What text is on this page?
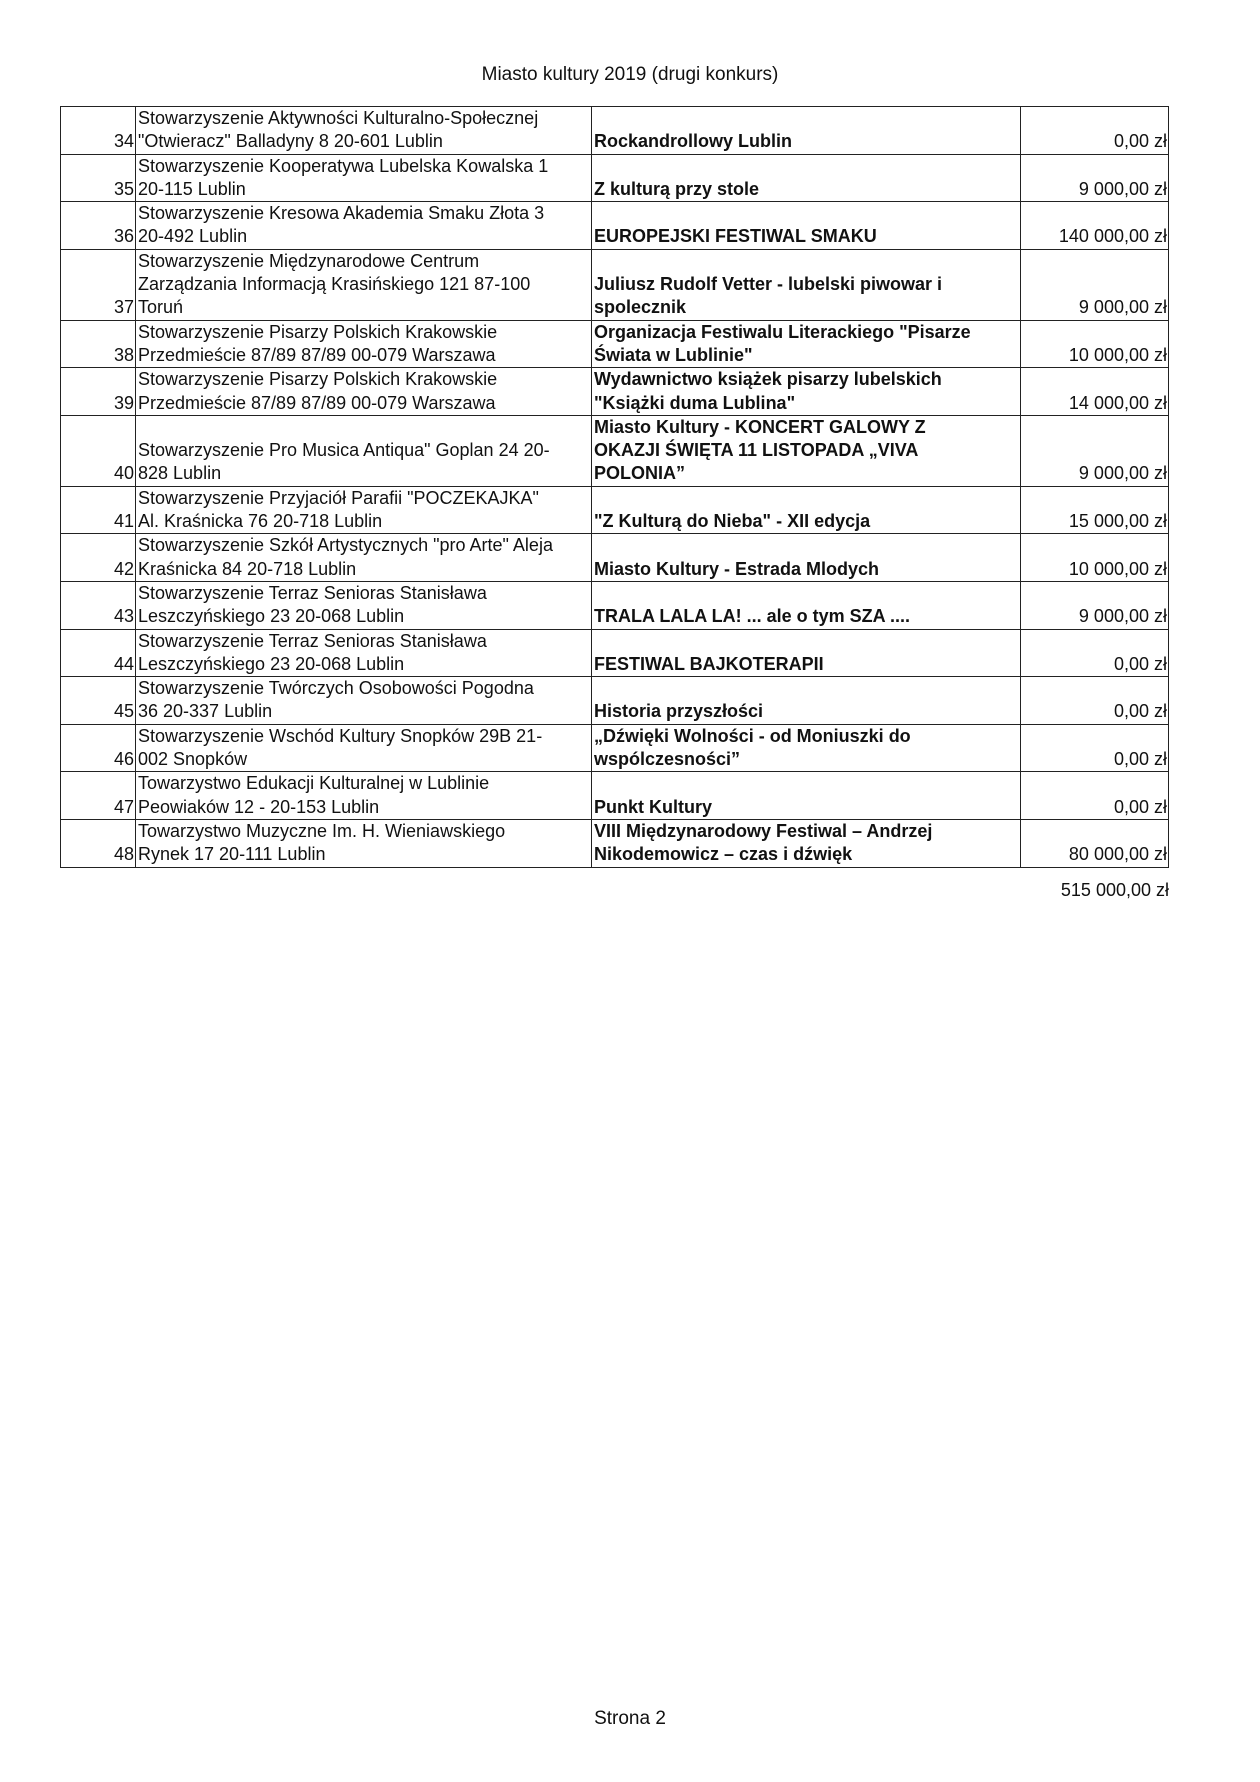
Miasto kultury 2019 (drugi konkurs)
34	Stowarzyszenie Aktywności Kulturalno-Społecznej
"Otwieracz" Balladyny 8 20-601 Lublin	Rockandrollowy Lublin	0,00 zł
35	Stowarzyszenie Kooperatywa Lubelska Kowalska 1
20-115 Lublin	Z kulturą przy stole	9 000,00 zł
36	Stowarzyszenie Kresowa Akademia Smaku Złota 3
20-492 Lublin	EUROPEJSKI FESTIWAL SMAKU	140 000,00 zł
37	Stowarzyszenie Międzynarodowe Centrum
Zarządzania Informacją Krasińskiego 121 87-100
Toruń	Juliusz Rudolf Vetter - lubelski piwowar i
spolecznik	9 000,00 zł
38	Stowarzyszenie Pisarzy Polskich Krakowskie
Przedmieście 87/89 87/89 00-079 Warszawa	Organizacja Festiwalu Literackiego "Pisarze
Świata w Lublinie"	10 000,00 zł
39	Stowarzyszenie Pisarzy Polskich Krakowskie
Przedmieście 87/89 87/89 00-079 Warszawa	Wydawnictwo książek pisarzy lubelskich
"Książki duma Lublina"	14 000,00 zł
40	Stowarzyszenie Pro Musica Antiqua" Goplan 24 20-
828 Lublin	Miasto Kultury - KONCERT GALOWY Z
OKAZJI ŚWIĘTA 11 LISTOPADA „VIVA
POLONIA”	9 000,00 zł
41	Stowarzyszenie Przyjaciół Parafii "POCZEKAJKA"
Al. Kraśnicka 76 20-718 Lublin	"Z Kulturą do Nieba" - XII edycja	15 000,00 zł
42	Stowarzyszenie Szkół Artystycznych "pro Arte" Aleja
Kraśnicka 84 20-718 Lublin	Miasto Kultury - Estrada Mlodych	10 000,00 zł
43	Stowarzyszenie Terraz Senioras Stanisława
Leszczyńskiego 23 20-068 Lublin	TRALA LALA LA! ... ale o tym SZA ....	9 000,00 zł
44	Stowarzyszenie Terraz Senioras Stanisława
Leszczyńskiego 23 20-068 Lublin	FESTIWAL BAJKOTERAPII	0,00 zł
45	Stowarzyszenie Twórczych Osobowości Pogodna
36 20-337 Lublin	Historia przyszłości	0,00 zł
46	Stowarzyszenie Wschód Kultury Snopków 29B 21-
002 Snopków	„Dźwięki Wolności - od Moniuszki do
wspólczesności”	0,00 zł
47	Towarzystwo Edukacji Kulturalnej w Lublinie
Peowiaków 12 - 20-153 Lublin	Punkt Kultury	0,00 zł
48	Towarzystwo Muzyczne Im. H. Wieniawskiego
Rynek 17 20-111 Lublin	VIII Międzynarodowy Festiwal – Andrzej
Nikodemowicz – czas i dźwięk	80 000,00 zł
515 000,00 zł
Strona 2
